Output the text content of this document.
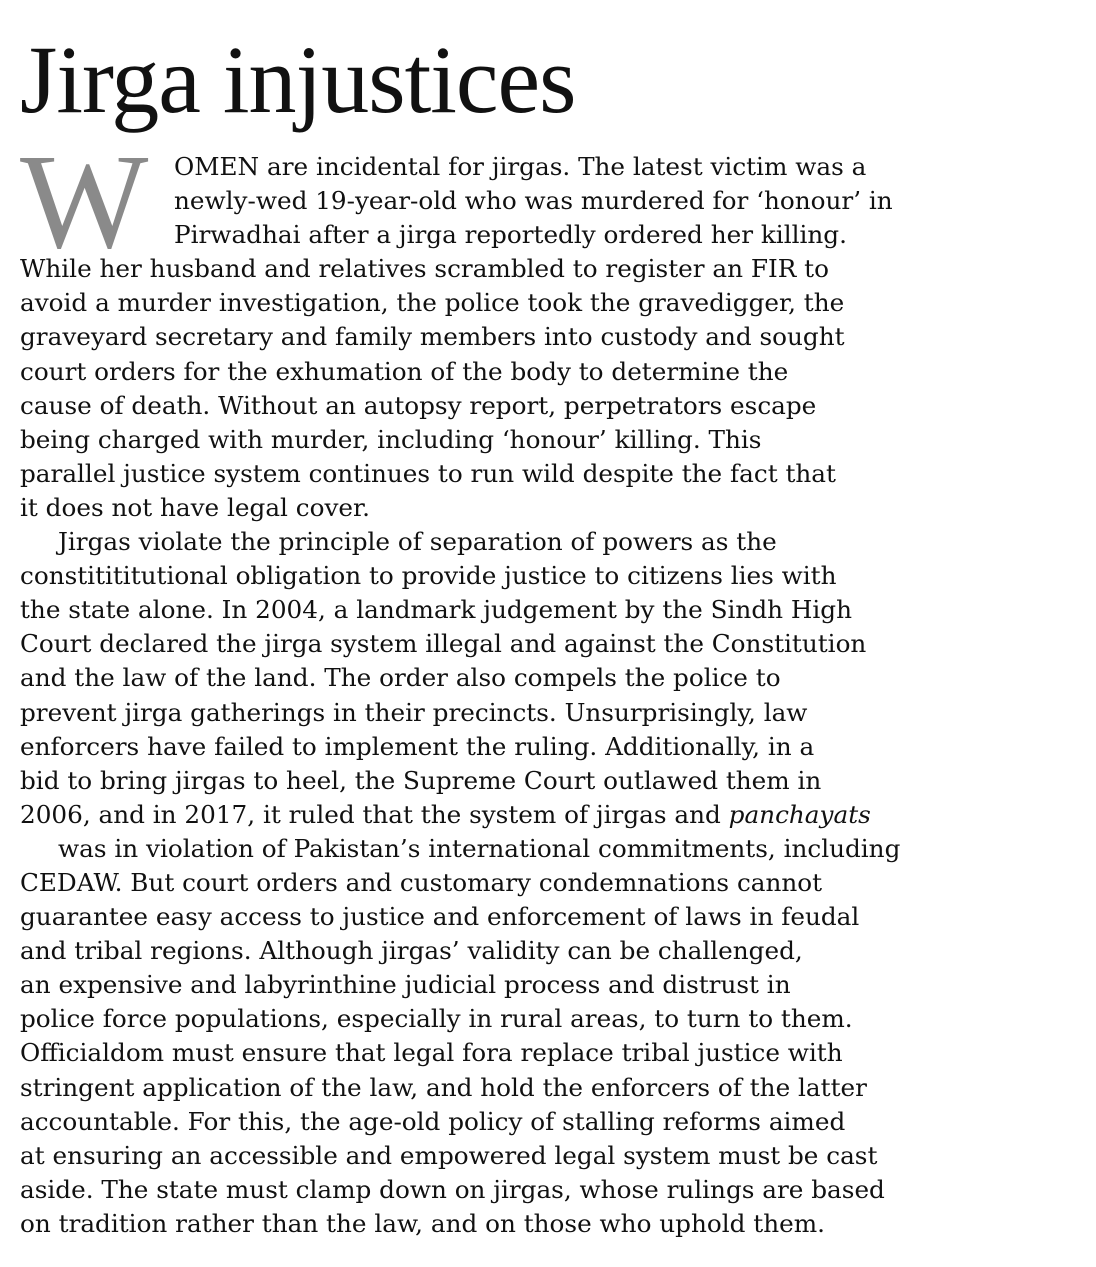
Jirga injustices
W OMEN are incidental for jirgas. The latest victim was a
newly-wed 19-year-old who was murdered for ‘honour’ in
Pirwadhai after a jirga reportedly ordered her killing.
While her husband and relatives scrambled to register an FIR to
avoid a murder investigation, the police took the gravedigger, the
graveyard secretary and family members into custody and sought
court orders for the exhumation of the body to determine the
cause of death. Without an autopsy report, perpetrators escape
being charged with murder, including ‘honour’ killing. This
parallel justice system continues to run wild despite the fact that
it does not have legal cover.
Jirgas violate the principle of separation of powers as the
constitititutional obligation to provide justice to citizens lies with
the state alone. In 2004, a landmark judgement by the Sindh High
Court declared the jirga system illegal and against the Constitution
and the law of the land. The order also compels the police to
prevent jirga gatherings in their precincts. Unsurprisingly, law
enforcers have failed to implement the ruling. Additionally, in a
bid to bring jirgas to heel, the Supreme Court outlawed them in
2006, and in 2017, it ruled that the system of jirgas and panchayats
was in violation of Pakistan’s international commitments, including
CEDAW. But court orders and customary condemnations cannot
guarantee easy access to justice and enforcement of laws in feudal
and tribal regions. Although jirgas’ validity can be challenged,
an expensive and labyrinthine judicial process and distrust in
police force populations, especially in rural areas, to turn to them.
Officialdom must ensure that legal fora replace tribal justice with
stringent application of the law, and hold the enforcers of the latter
accountable. For this, the age-old policy of stalling reforms aimed
at ensuring an accessible and empowered legal system must be cast
aside. The state must clamp down on jirgas, whose rulings are based
on tradition rather than the law, and on those who uphold them.
